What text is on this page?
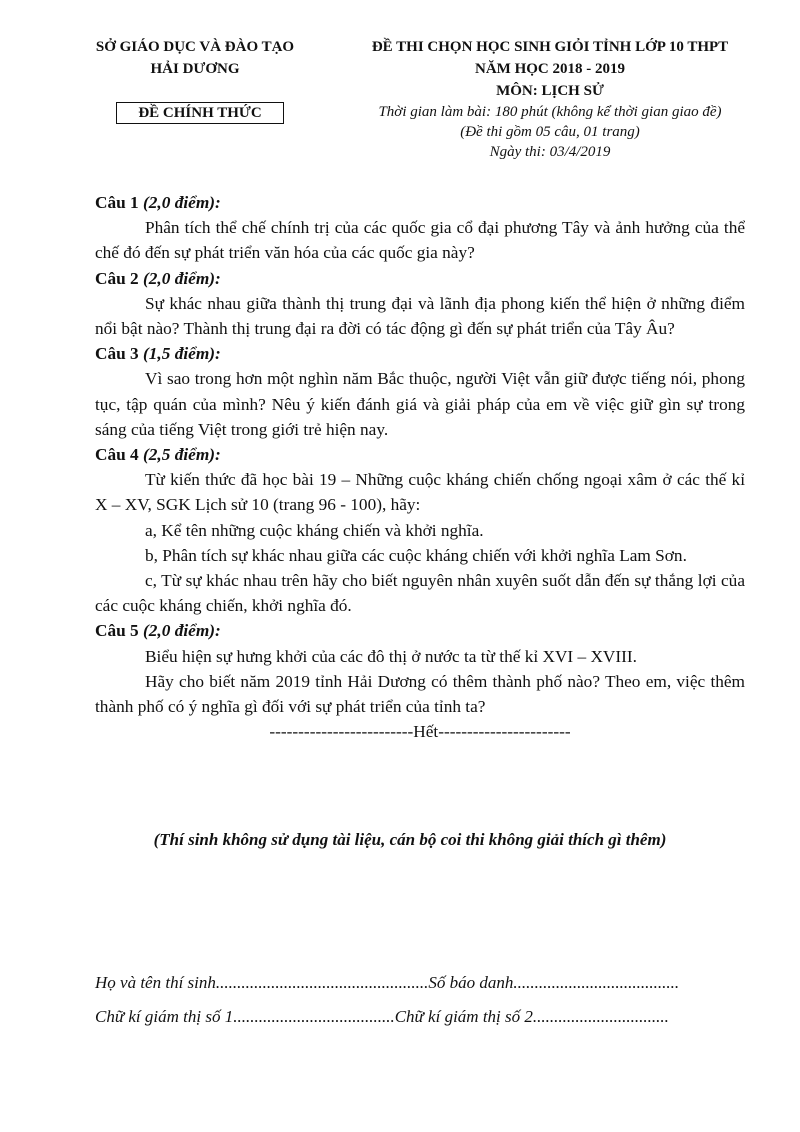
SỞ GIÁO DỤC VÀ ĐÀO TẠO
HẢI DƯƠNG
ĐỀ CHÍNH THỨC
ĐỀ THI CHỌN HỌC SINH GIỎI TỈNH LỚP 10 THPT
NĂM HỌC 2018 - 2019
MÔN: LỊCH SỬ
Thời gian làm bài: 180 phút (không kể thời gian giao đề)
(Đề thi gồm 05 câu, 01 trang)
Ngày thi: 03/4/2019

Câu 1 (2,0 điểm):

Phân tích thể chế chính trị của các quốc gia cổ đại phương Tây và ảnh hưởng của thể chế đó đến sự phát triển văn hóa của các quốc gia này?

Câu 2 (2,0 điểm):

Sự khác nhau giữa thành thị trung đại và lãnh địa phong kiến thể hiện ở những điểm nổi bật nào? Thành thị trung đại ra đời có tác động gì đến sự phát triển của Tây Âu?

Câu 3 (1,5 điểm):

Vì sao trong hơn một nghìn năm Bắc thuộc, người Việt vẫn giữ được tiếng nói, phong tục, tập quán của mình? Nêu ý kiến đánh giá và giải pháp của em về việc giữ gìn sự trong sáng của tiếng Việt trong giới trẻ hiện nay.

Câu 4 (2,5 điểm):

Từ kiến thức đã học bài 19 – Những cuộc kháng chiến chống ngoại xâm ở các thế kỉ X – XV, SGK Lịch sử 10 (trang 96 - 100), hãy:

a, Kể tên những cuộc kháng chiến và khởi nghĩa.

b, Phân tích sự khác nhau giữa các cuộc kháng chiến với khởi nghĩa Lam Sơn.

c, Từ sự khác nhau trên hãy cho biết nguyên nhân xuyên suốt dẫn đến sự thắng lợi của các cuộc kháng chiến, khởi nghĩa đó.

Câu 5 (2,0 điểm):

Biểu hiện sự hưng khởi của các đô thị ở nước ta từ thế kỉ XVI – XVIII.

Hãy cho biết năm 2019 tỉnh Hải Dương có thêm thành phố nào? Theo em, việc thêm thành phố có ý nghĩa gì đối với sự phát triển của tỉnh ta?

-------------------------Hết-----------------------

(Thí sinh không sử dụng tài liệu, cán bộ coi thi không giải thích gì thêm)

Họ và tên thí sinh..................................................Số báo danh.......................................

Chữ kí giám thị số 1......................................Chữ kí giám thị số 2................................
